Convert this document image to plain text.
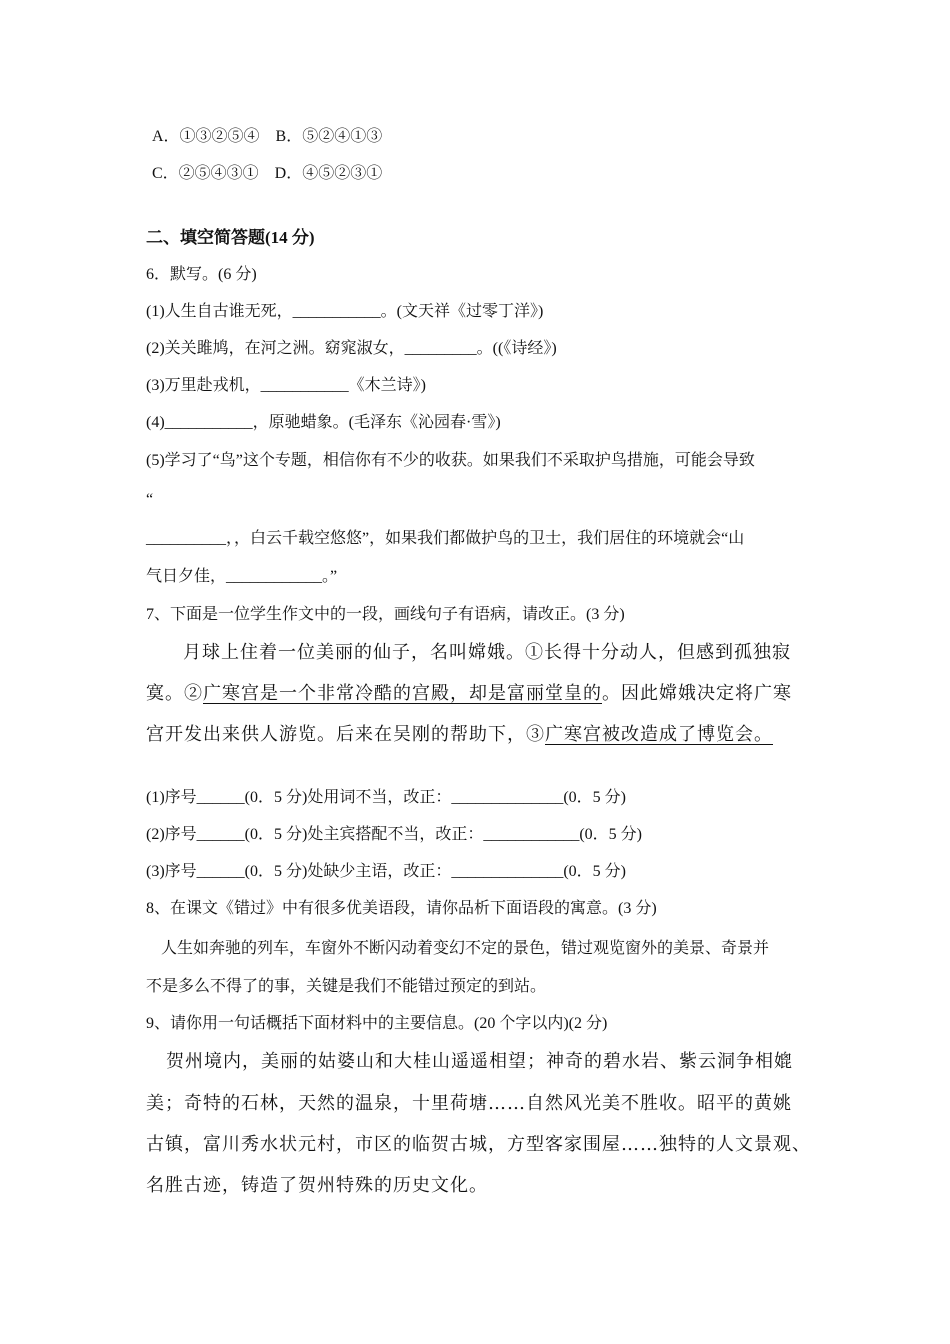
A．①③②⑤④　B．⑤②④①③
C．②⑤④③①　D．④⑤②③①
二、填空简答题(14 分)
6．默写。(6 分)
(1)人生自古谁无死，___________。(文天祥《过零丁洋》)
(2)关关雎鸠，在河之洲。窈窕淑女，_________。((《诗经》)
(3)万里赴戎机，___________《木兰诗》)
(4)___________，原驰蜡象。(毛泽东《沁园春·雪》)
(5)学习了“鸟”这个专题，相信你有不少的收获。如果我们不采取护鸟措施，可能会导致
“
__________，，白云千载空悠悠”，如果我们都做护鸟的卫士，我们居住的环境就会“山
气日夕佳，____________。”
7、下面是一位学生作文中的一段，画线句子有语病，请改正。(3 分)
月球上住着一位美丽的仙子，名叫嫦娥。①长得十分动人，但感到孤独寂
寞。②广寒宫是一个非常冷酷的宫殿，却是富丽堂皇的。因此嫦娥决定将广寒
宫开发出来供人游览。后来在吴刚的帮助下，③广寒宫被改造成了博览会。
(1)序号______(0．5 分)处用词不当，改正：______________(0．5 分)
(2)序号______(0．5 分)处主宾搭配不当，改正：____________(0．5 分)
(3)序号______(0．5 分)处缺少主语，改正：______________(0．5 分)
8、在课文《错过》中有很多优美语段，请你品析下面语段的寓意。(3 分)
人生如奔驰的列车，车窗外不断闪动着变幻不定的景色，错过观览窗外的美景、奇景并
不是多么不得了的事，关键是我们不能错过预定的到站。
9、请你用一句话概括下面材料中的主要信息。(20 个字以内)(2 分)
贺州境内，美丽的姑婆山和大桂山遥遥相望；神奇的碧水岩、紫云洞争相媲
美；奇特的石林，天然的温泉，十里荷塘……自然风光美不胜收。昭平的黄姚
古镇，富川秀水状元村，市区的临贺古城，方型客家围屋……独特的人文景观、
名胜古迹，铸造了贺州特殊的历史文化。
